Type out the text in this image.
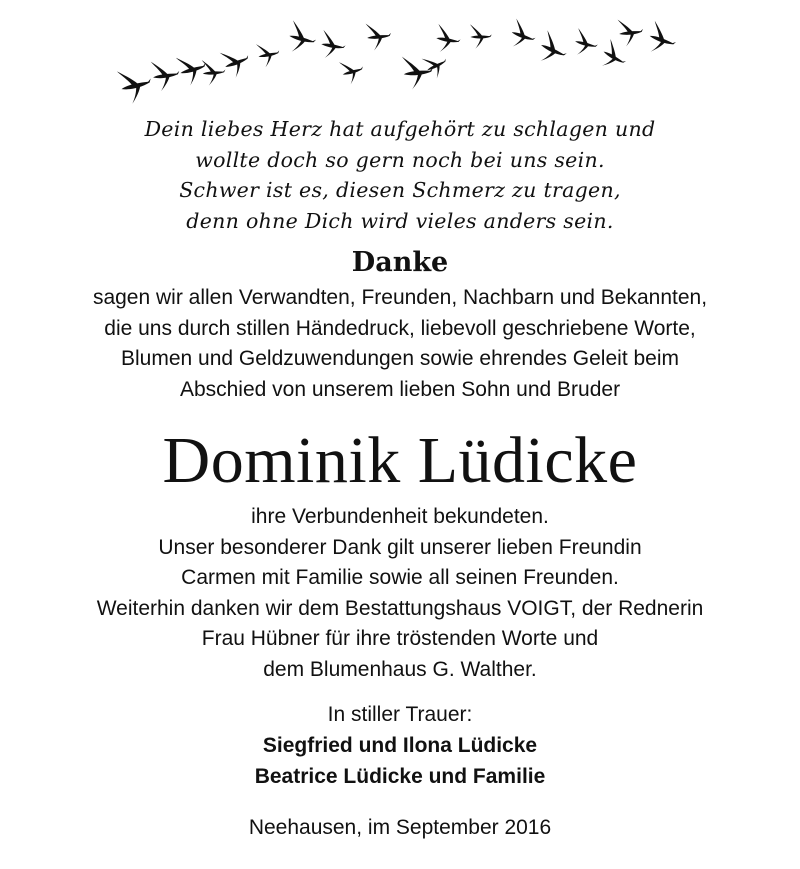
Dein liebes Herz hat aufgehört zu schlagen und
wollte doch so gern noch bei uns sein.
Schwer ist es, diesen Schmerz zu tragen,
denn ohne Dich wird vieles anders sein.
Danke
sagen wir allen Verwandten, Freunden, Nachbarn und Bekannten,
die uns durch stillen Händedruck, liebevoll geschriebene Worte,
Blumen und Geldzuwendungen sowie ehrendes Geleit beim
Abschied von unserem lieben Sohn und Bruder
Dominik Lüdicke
ihre Verbundenheit bekundeten.
Unser besonderer Dank gilt unserer lieben Freundin
Carmen mit Familie sowie all seinen Freunden.
Weiterhin danken wir dem Bestattungshaus VOIGT, der Rednerin
Frau Hübner für ihre tröstenden Worte und
dem Blumenhaus G. Walther.
In stiller Trauer:
Siegfried und Ilona Lüdicke
Beatrice Lüdicke und Familie
Neehausen, im September 2016
